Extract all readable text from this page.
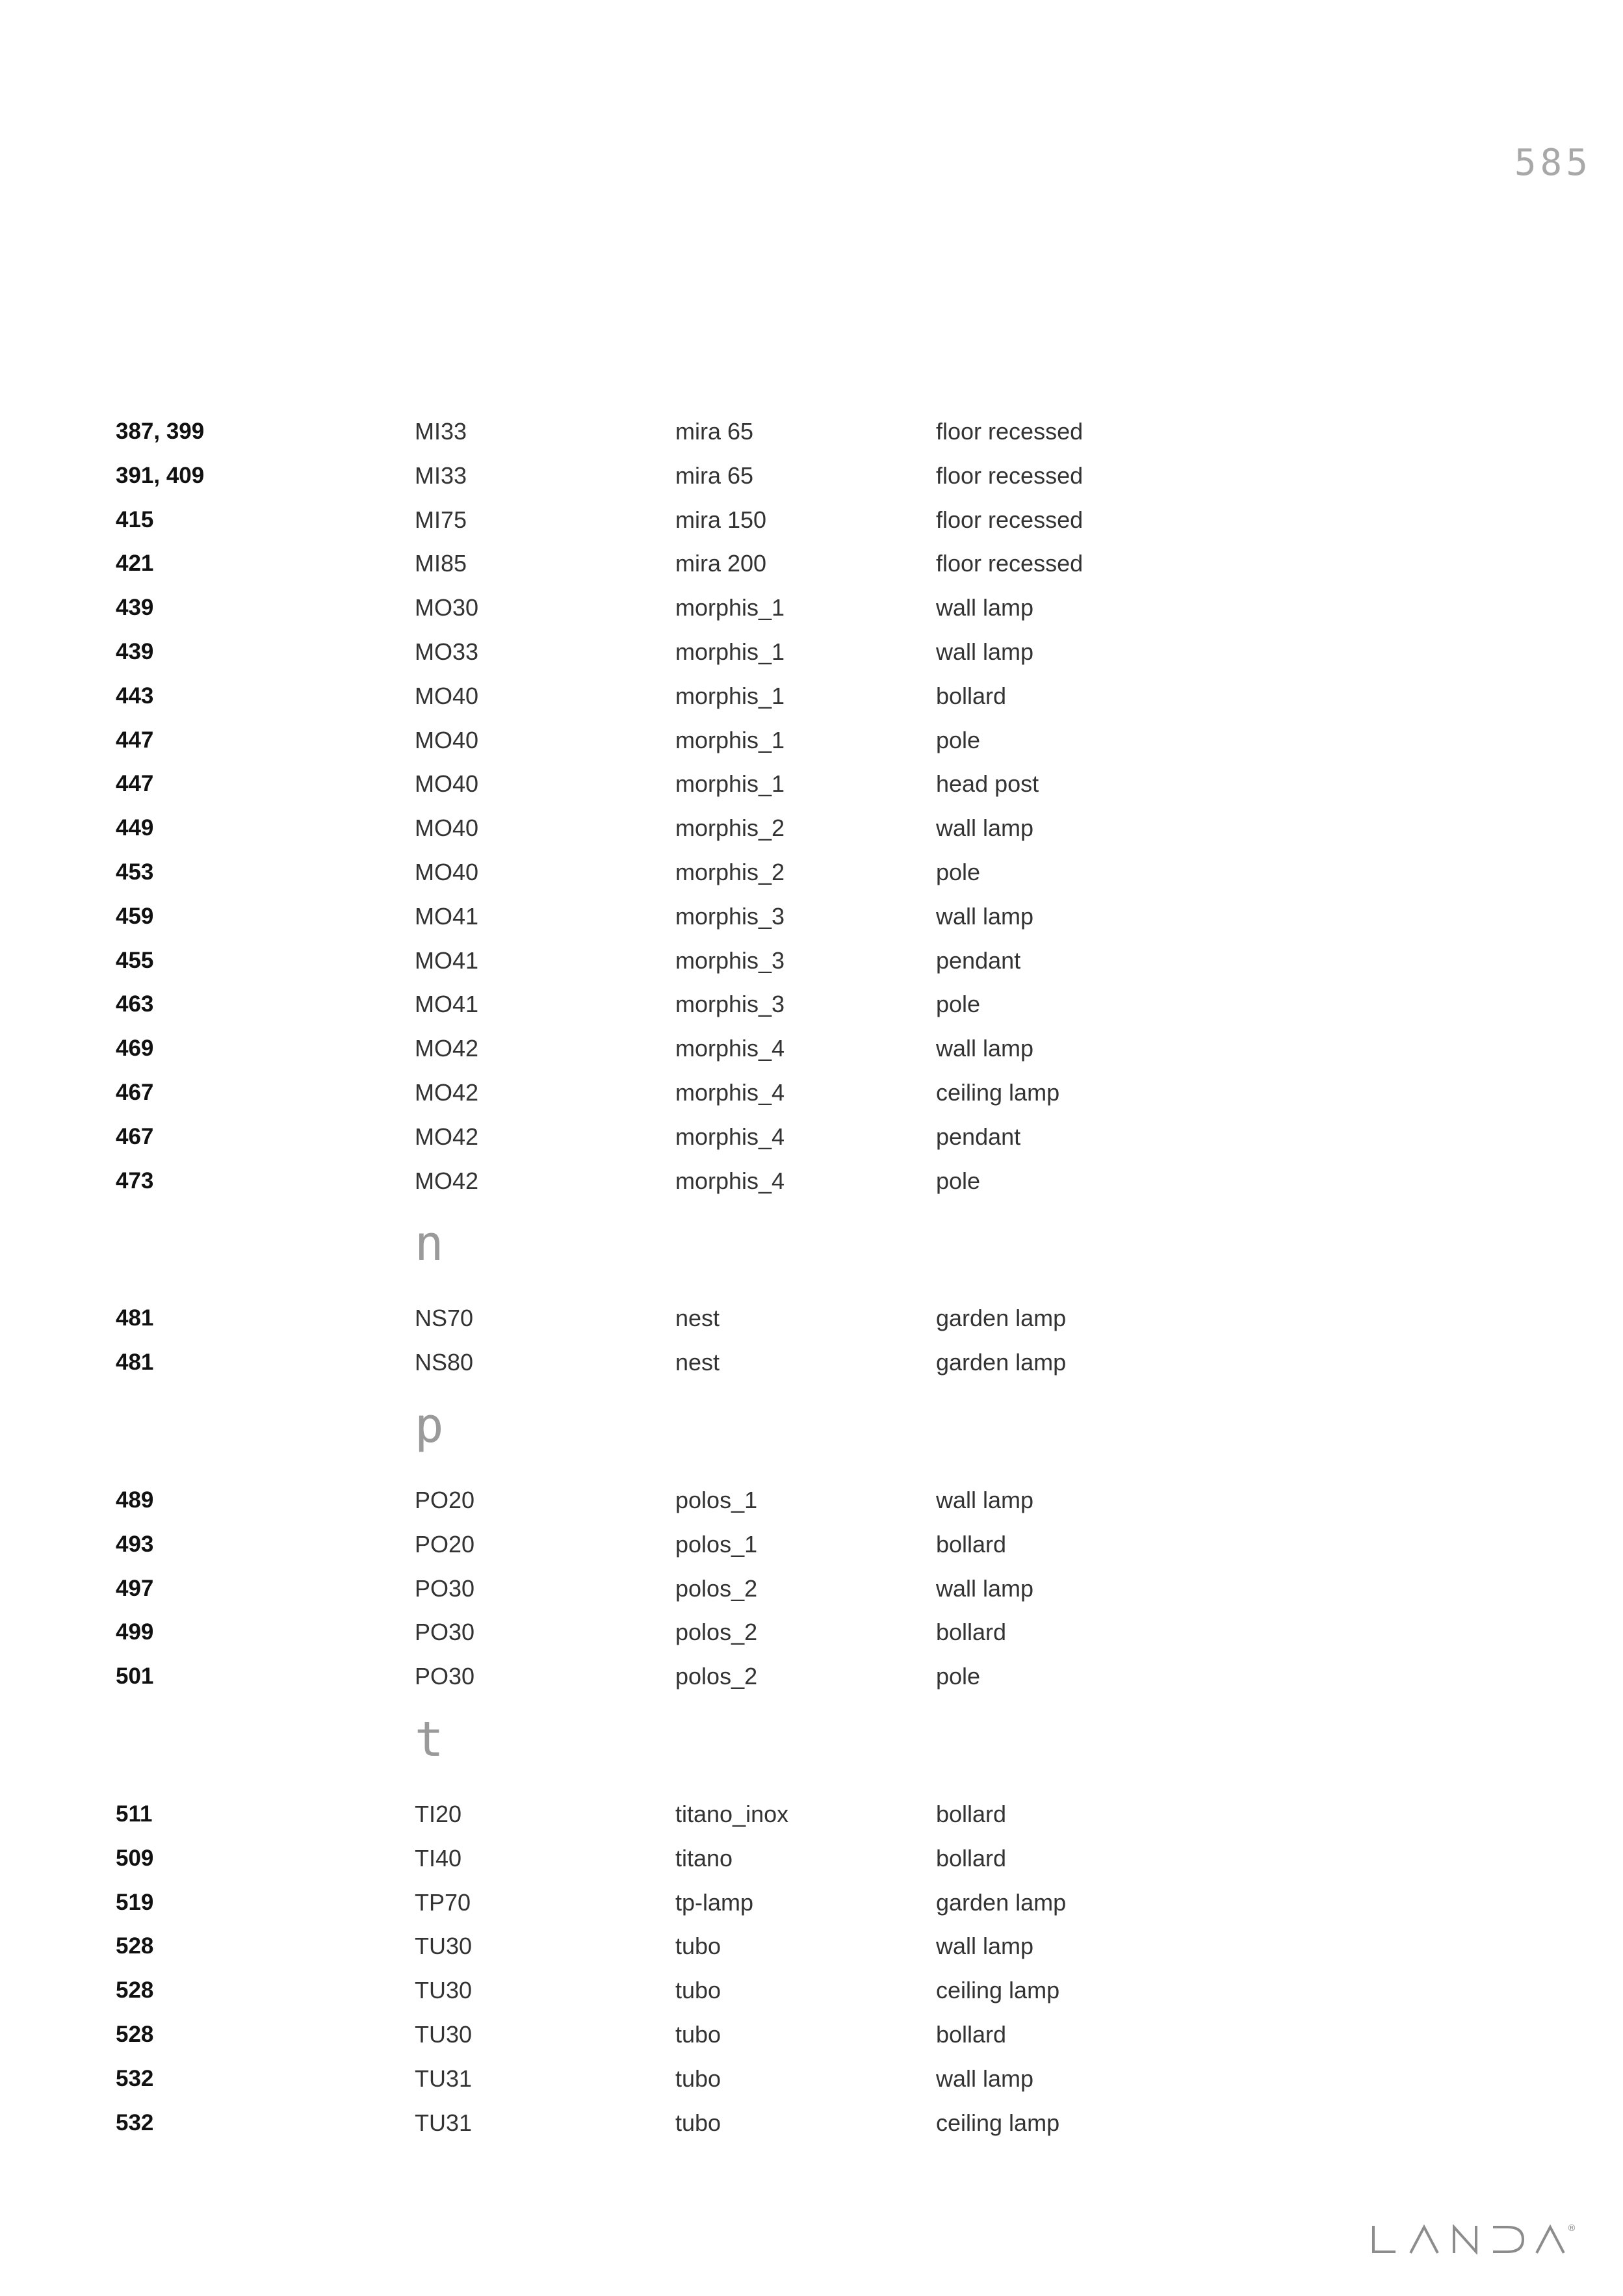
585
387, 399	MI33	mira 65	floor recessed
391, 409	MI33	mira 65	floor recessed
415	MI75	mira 150	floor recessed
421	MI85	mira 200	floor recessed
439	MO30	morphis_1	wall lamp
439	MO33	morphis_1	wall lamp
443	MO40	morphis_1	bollard
447	MO40	morphis_1	pole
447	MO40	morphis_1	head post
449	MO40	morphis_2	wall lamp
453	MO40	morphis_2	pole
459	MO41	morphis_3	wall lamp
455	MO41	morphis_3	pendant
463	MO41	morphis_3	pole
469	MO42	morphis_4	wall lamp
467	MO42	morphis_4	ceiling lamp
467	MO42	morphis_4	pendant
473	MO42	morphis_4	pole
n
481	NS70	nest	garden lamp
481	NS80	nest	garden lamp
p
489	PO20	polos_1	wall lamp
493	PO20	polos_1	bollard
497	PO30	polos_2	wall lamp
499	PO30	polos_2	bollard
501	PO30	polos_2	pole
t
511	TI20	titano_inox	bollard
509	TI40	titano	bollard
519	TP70	tp-lamp	garden lamp
528	TU30	tubo	wall lamp
528	TU30	tubo	ceiling lamp
528	TU30	tubo	bollard
532	TU31	tubo	wall lamp
532	TU31	tubo	ceiling lamp
LANDA	®
